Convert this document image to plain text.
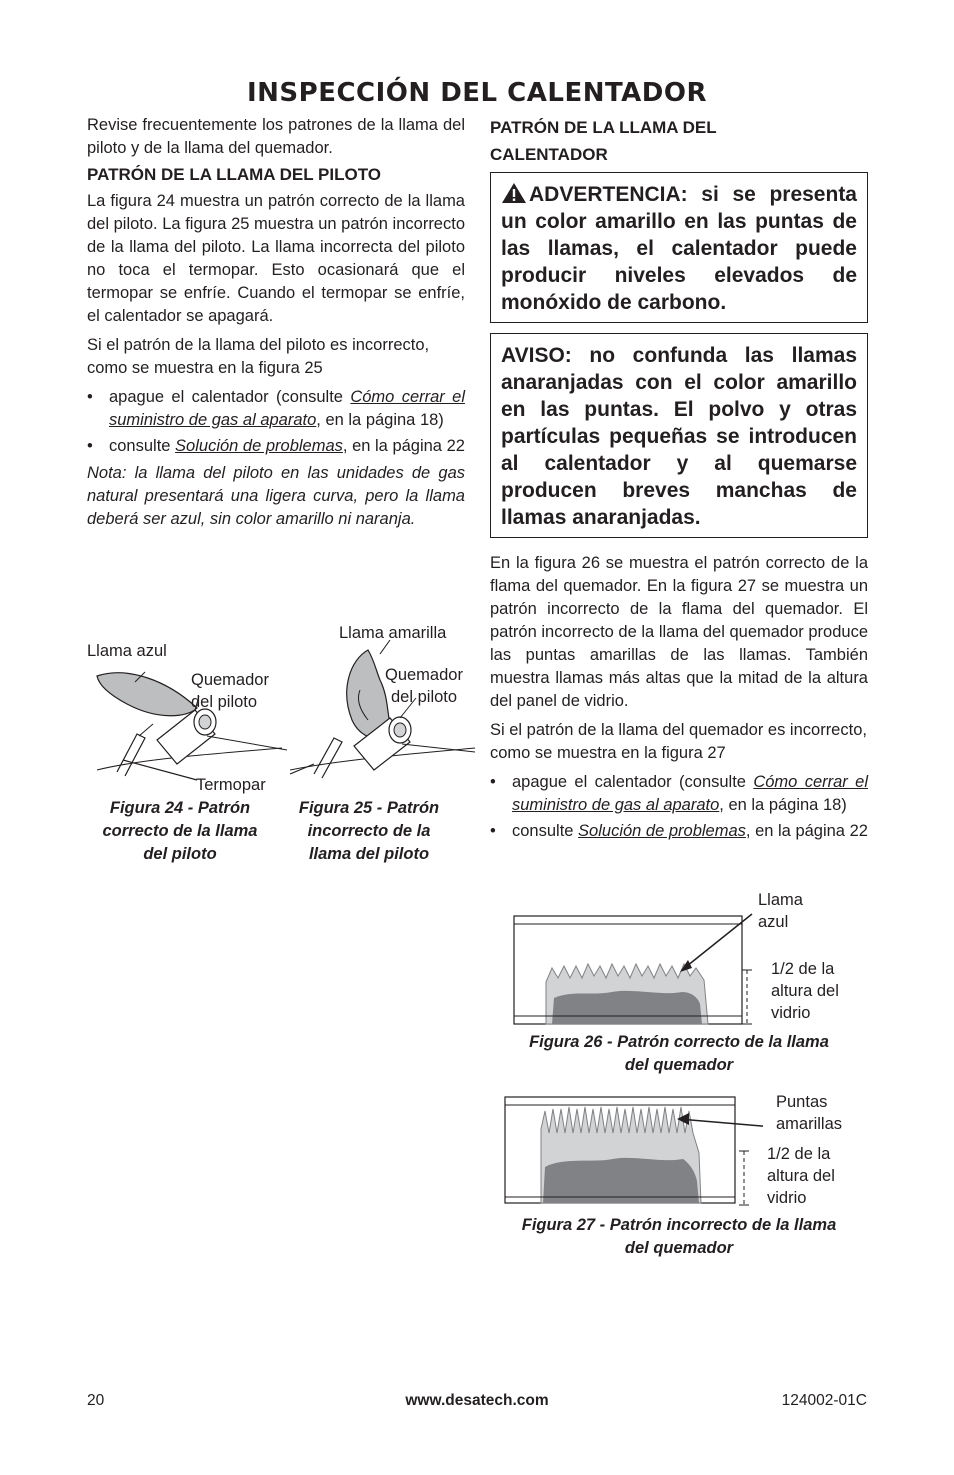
INSPECCIÓN DEL CALENTADOR

Revise frecuentemente los patrones de la llama del piloto y de la llama del quemador.

PATRÓN DE LA LLAMA DEL PILOTO

La figura 24 muestra un patrón correcto de la llama del piloto. La figura 25 muestra un patrón incorrecto de la llama del piloto. La llama incorrecta del piloto no toca el termopar. Esto ocasionará que el termopar se enfríe. Cuando el termopar se enfríe, el calentador se apagará.

Si el patrón de la llama del piloto es incorrecto, como se muestra en la figura 25

• apague el calentador (consulte Cómo cerrar el suministro de gas al aparato, en la página 18)
• consulte Solución de problemas, en la página 22

Nota: la llama del piloto en las unidades de gas natural presentará una ligera curva, pero la llama deberá ser azul, sin color amarillo ni naranja.

Llama azul
Quemador
del piloto
Termopar
Figura 24 - Patrón
correcto de la llama
del piloto
Llama amarilla
Quemador
del piloto
Figura 25 - Patrón
incorrecto de la
llama del piloto
PATRÓN DE LA LLAMA DEL
CALENTADOR
ADVERTENCIA: si se presenta un color amarillo en las puntas de las llamas, el calentador puede producir niveles elevados de monóxido de carbono.
AVISO: no confunda las llamas anaranjadas con el color amarillo en las puntas. El polvo y otras partículas pequeñas se introducen al calentador y al quemarse producen breves manchas de llamas anaranjadas.

En la figura 26 se muestra el patrón correcto de la flama del quemador. En la figura 27 se muestra un patrón incorrecto de la flama del quemador. El patrón incorrecto de la llama del quemador produce las puntas amarillas de las llamas. También muestra llamas más altas que la mitad de la altura del panel de vidrio.

Si el patrón de la llama del quemador es incorrecto, como se muestra en la figura 27

• apague el calentador (consulte Cómo cerrar el suministro de gas al aparato, en la página 18)
• consulte Solución de problemas, en la página 22
Llama
azul
1/2 de la
altura del
vidrio
Figura 26 - Patrón correcto de la llama
del quemador
Puntas
amarillas
1/2 de la
altura del
vidrio
Figura 27 - Patrón incorrecto de la llama
del quemador
20	www.desatech.com	124002-01C
